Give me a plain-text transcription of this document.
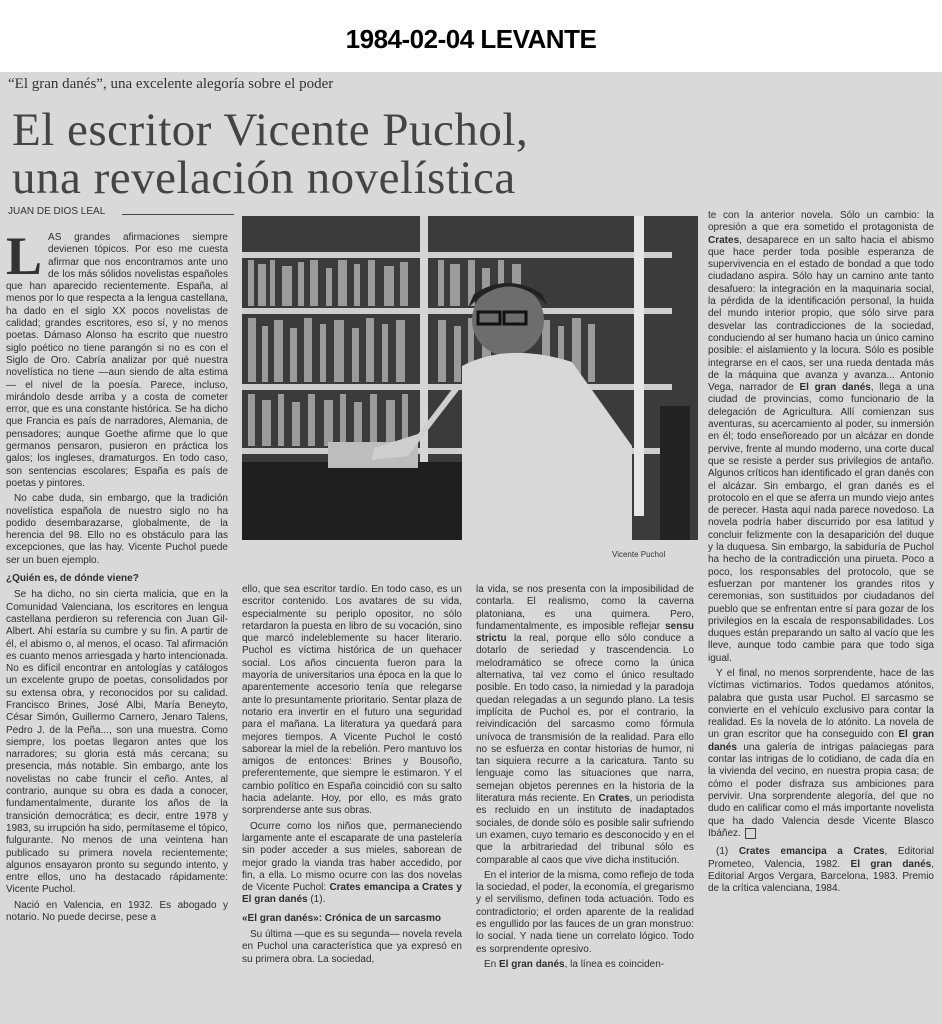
1984-02-04 LEVANTE
“El gran danés”, una excelente alegoría sobre el poder
El escritor Vicente Puchol,
una revelación novelística
JUAN DE DIOS LEAL

LAS grandes afirmaciones siempre devienen tópicos. Por eso me cuesta afirmar que nos encontramos ante uno de los más sólidos novelistas españoles que han aparecido recientemente. España, al menos por lo que respecta a la lengua castellana, ha dado en el siglo XX pocos novelistas de calidad; grandes escritores, eso sí, y no menos poetas. Dámaso Alonso ha escrito que nuestro siglo poético no tiene parangón si no es con el Siglo de Oro. Cabría analizar por qué nuestra novelística no tiene —aun siendo de alta estima— el nivel de la poesía. Parece, incluso, mirándolo desde arriba y a costa de cometer error, que es una constante histórica. Se ha dicho que Francia es país de narradores, Alemania, de pensadores; aunque Goethe afirme que lo que germanos pensaron, pusieron en práctica los galos; los ingleses, dramaturgos. En todo caso, son sentencias escolares; España es país de poetas y pintores.

No cabe duda, sin embargo, que la tradición novelística española de nuestro siglo no ha podido desembarazarse, globalmente, de la herencia del 98. Ello no es obstáculo para las excepciones, que las hay. Vicente Puchol puede ser un buen ejemplo.

¿Quién es, de dónde viene?

Se ha dicho, no sin cierta malicia, que en la Comunidad Valenciana, los escritores en lengua castellana perdieron su referencia con Juan Gil-Albert. Ahí estaría su cumbre y su fin. A partir de él, el abismo o, al menos, el ocaso. Tal afirmación es cuanto menos arriesgada y harto intencionada. No es difícil encontrar en antologías y catálogos un excelente grupo de poetas, consolidados por su extensa obra, y reconocidos por su calidad. Francisco Brines, José Albi, María Beneyto, César Simón, Guillermo Carnero, Jenaro Talens, Pedro J. de la Peña..., son una muestra. Como siempre, los poetas llegaron antes que los narradores; su gloria está más cercana; su presencia, más notable. Sin embargo, ante los novelistas no cabe fruncir el ceño. Antes, al contrario, aunque su obra es dada a conocer, fundamentalmente, durante los años de la transición democrática; es decir, entre 1978 y 1983, su irrupción ha sido, permítaseme el tópico, fulgurante. No menos de una veintena han publicado su primera novela recientemente; algunos ensayaron pronto su segundo intento, y entre ellos, uno ha destacado rápidamente: Vicente Puchol.

Nació en Valencia, en 1932. Es abogado y notario. No puede decirse, pese a

Vicente Puchol

ello, que sea escritor tardío. En todo caso, es un escritor contenido. Los avatares de su vida, especialmente su periplo opositor, no sólo retardaron la puesta en libro de su vocación, sino que marcó indeleblemente su hacer literario. Puchol es víctima histórica de un quehacer social. Los años cincuenta fueron para la mayoría de universitarios una época en la que lo aparentemente accesorio tenía que relegarse ante lo presuntamente prioritario. Sentar plaza de notario era invertir en el futuro una seguridad para el mañana. La literatura ya quedará para mejores tiempos. A Vicente Puchol le costó saborear la miel de la rebelión. Pero mantuvo los amigos de entonces: Brines y Bousoño, preferentemente, que siempre le estimaron. Y el cambio político en España coincidió con su salto hacia adelante. Hoy, por ello, es más grato sorprenderse ante sus obras.

Ocurre como los niños que, permaneciendo largamente ante el escaparate de una pastelería sin poder acceder a sus mieles, saborean de mejor grado la vianda tras haber accedido, por fin, a ella. Lo mismo ocurre con las dos novelas de Vicente Puchol: Crates emancipa a Crates y El gran danés (1).

«El gran danés»: Crónica de un sarcasmo

Su última —que es su segunda— novela revela en Puchol una característica que ya expresó en su primera obra. La sociedad,

la vida, se nos presenta con la imposibilidad de contarla. El realismo, como la caverna platoniana, es una quimera. Pero, fundamentalmente, es imposible reflejar sensu strictu la real, porque ello sólo conduce a dotarlo de seriedad y trascendencia. Lo melodramático se ofrece como la única alternativa, tal vez como el único resultado posible. En todo caso, la nimiedad y la paradoja quedan relegadas a un segundo plano. La tesis implícita de Puchol es, por el contrario, la reivindicación del sarcasmo como fórmula unívoca de transmisión de la realidad. Para ello no se esfuerza en contar historias de humor, ni tan siquiera recurre a la caricatura. Tanto su lenguaje como las situaciones que narra, semejan objetos perennes en la historia de la literatura más reciente. En Crates, un periodista es recluido en un instituto de inadaptados sociales, de donde sólo es posible salir sufriendo un examen, cuyo temario es desconocido y en el que la arbitrariedad del tribunal sólo es comparable al caos que vive dicha institución.

En el interior de la misma, como reflejo de toda la sociedad, el poder, la economía, el gregarismo y el servilismo, definen toda actuación. Todo es contradictorio; el orden aparente de la realidad es engullido por las fauces de un gran monstruo: lo social. Y nada tiene un correlato lógico. Todo es sorprendente opresivo.

En El gran danés, la línea es coinciden-

te con la anterior novela. Sólo un cambio: la opresión a que era sometido el protagonista de Crates, desaparece en un salto hacia el abismo que hace perder toda posible esperanza de supervivencia en el estado de bondad a que todo ciudadano aspira. Sólo hay un camino ante tanto desafuero: la integración en la maquinaria social, la pérdida de la identificación personal, la huida del mundo interior propio, que sólo sirve para desvelar las contradicciones de la sociedad, conduciendo al ser humano hacia un único camino posible: el aislamiento y la locura. Sólo es posible integrarse en el caos, ser una rueda dentada más de la máquina que avanza y avanza... Antonio Vega, narrador de El gran danés, llega a una ciudad de provincias, como funcionario de la delegación de Agricultura. Allí comienzan sus aventuras, su acercamiento al poder, su inmersión en él; todo enseñoreado por un alcázar en donde pervive, frente al mundo moderno, una corte ducal que se resiste a perder sus privilegios de antaño. Algunos críticos han identificado el gran danés con el alcázar. Sin embargo, el gran danés es el protocolo en el que se aferra un mundo viejo antes de perecer. Hasta aquí nada parece novedoso. La novela podría haber discurrido por esa latitud y concluir felizmente con la desaparición del duque y la duquesa. Sin embargo, la sabiduría de Puchol ha hecho de la contradicción una pirueta. Poco a poco, los responsables del protocolo, que se esfuerzan por mantener los grandes ritos y ceremonias, son sustituidos por ciudadanos del pueblo que se enfrentan entre sí para gozar de los privilegios en la escala de responsabilidades. Los duques están preparando un salto al vacío que les lleve, aunque todo cambie para que todo siga igual.

Y el final, no menos sorprendente, hace de las víctimas victimarios. Todos quedamos atónitos, palabra que gusta usar Puchol. El sarcasmo se convierte en el vehículo exclusivo para contar la realidad. Es la novela de lo atónito. La novela de un gran escritor que ha conseguido con El gran danés una galería de intrigas palaciegas para contar las intrigas de lo cotidiano, de cada día en la vivienda del vecino, en nuestra propia casa; de cómo el poder disfraza sus ambiciones para pervivir. Una sorprendente alegoría, del que no dudo en calificar como el más importante novelista que ha dado Valencia desde Vicente Blasco Ibáñez.

(1) Crates emancipa a Crates, Editorial Prometeo, Valencia, 1982. El gran danés, Editorial Argos Vergara, Barcelona, 1983. Premio de la crítica valenciana, 1984.
